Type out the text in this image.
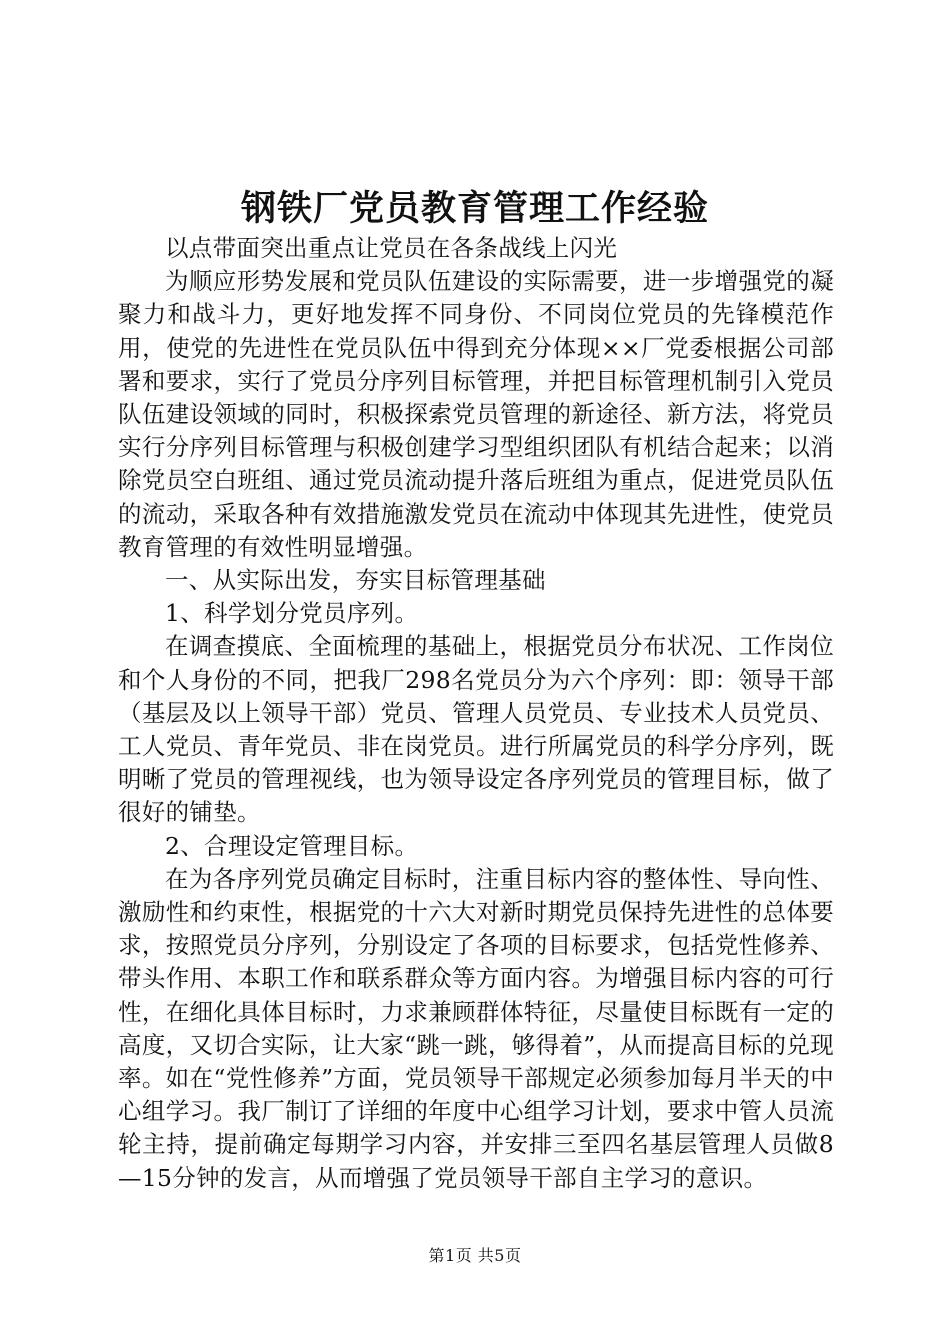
钢铁厂党员教育管理工作经验

以点带面突出重点让党员在各条战线上闪光

为顺应形势发展和党员队伍建设的实际需要，进一步增强党的凝聚力和战斗力，更好地发挥不同身份、不同岗位党员的先锋模范作用，使党的先进性在党员队伍中得到充分体现××厂党委根据公司部署和要求，实行了党员分序列目标管理，并把目标管理机制引入党员队伍建设领域的同时，积极探索党员管理的新途径、新方法，将党员实行分序列目标管理与积极创建学习型组织团队有机结合起来；以消除党员空白班组、通过党员流动提升落后班组为重点，促进党员队伍的流动，采取各种有效措施激发党员在流动中体现其先进性，使党员教育管理的有效性明显增强。

一、从实际出发，夯实目标管理基础

1、科学划分党员序列。

在调查摸底、全面梳理的基础上，根据党员分布状况、工作岗位和个人身份的不同，把我厂298名党员分为六个序列：即：领导干部（基层及以上领导干部）党员、管理人员党员、专业技术人员党员、工人党员、青年党员、非在岗党员。进行所属党员的科学分序列，既明晰了党员的管理视线，也为领导设定各序列党员的管理目标，做了很好的铺垫。

2、合理设定管理目标。

在为各序列党员确定目标时，注重目标内容的整体性、导向性、激励性和约束性，根据党的十六大对新时期党员保持先进性的总体要求，按照党员分序列，分别设定了各项的目标要求，包括党性修养、带头作用、本职工作和联系群众等方面内容。为增强目标内容的可行性，在细化具体目标时，力求兼顾群体特征，尽量使目标既有一定的高度，又切合实际，让大家“跳一跳，够得着”，从而提高目标的兑现率。如在“党性修养”方面，党员领导干部规定必须参加每月半天的中心组学习。我厂制订了详细的年度中心组学习计划，要求中管人员流轮主持，提前确定每期学习内容，并安排三至四名基层管理人员做8—15分钟的发言，从而增强了党员领导干部自主学习的意识。

第1页 共5页
